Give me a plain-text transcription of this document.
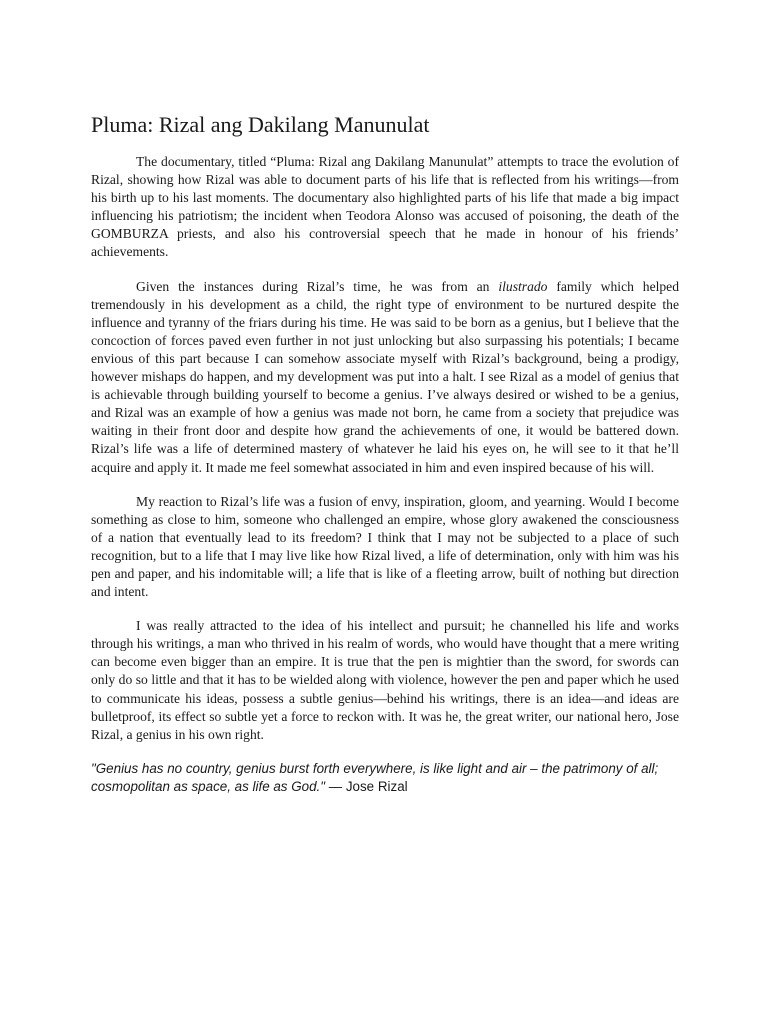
Pluma: Rizal ang Dakilang Manunulat

The documentary, titled “Pluma: Rizal ang Dakilang Manunulat” attempts to trace the evolution of Rizal, showing how Rizal was able to document parts of his life that is reflected from his writings—from his birth up to his last moments. The documentary also highlighted parts of his life that made a big impact influencing his patriotism; the incident when Teodora Alonso was accused of poisoning, the death of the GOMBURZA priests, and also his controversial speech that he made in honour of his friends’ achievements.

Given the instances during Rizal’s time, he was from an ilustrado family which helped tremendously in his development as a child, the right type of environment to be nurtured despite the influence and tyranny of the friars during his time. He was said to be born as a genius, but I believe that the concoction of forces paved even further in not just unlocking but also surpassing his potentials; I became envious of this part because I can somehow associate myself with Rizal’s background, being a prodigy, however mishaps do happen, and my development was put into a halt. I see Rizal as a model of genius that is achievable through building yourself to become a genius. I’ve always desired or wished to be a genius, and Rizal was an example of how a genius was made not born, he came from a society that prejudice was waiting in their front door and despite how grand the achievements of one, it would be battered down. Rizal’s life was a life of determined mastery of whatever he laid his eyes on, he will see to it that he’ll acquire and apply it. It made me feel somewhat associated in him and even inspired because of his will.

My reaction to Rizal’s life was a fusion of envy, inspiration, gloom, and yearning. Would I become something as close to him, someone who challenged an empire, whose glory awakened the consciousness of a nation that eventually lead to its freedom? I think that I may not be subjected to a place of such recognition, but to a life that I may live like how Rizal lived, a life of determination, only with him was his pen and paper, and his indomitable will; a life that is like of a fleeting arrow, built of nothing but direction and intent.

I was really attracted to the idea of his intellect and pursuit; he channelled his life and works through his writings, a man who thrived in his realm of words, who would have thought that a mere writing can become even bigger than an empire. It is true that the pen is mightier than the sword, for swords can only do so little and that it has to be wielded along with violence, however the pen and paper which he used to communicate his ideas, possess a subtle genius—behind his writings, there is an idea—and ideas are bulletproof, its effect so subtle yet a force to reckon with. It was he, the great writer, our national hero, Jose Rizal, a genius in his own right.

"Genius has no country, genius burst forth everywhere, is like light and air – the patrimony of all; cosmopolitan as space, as life as God." — Jose Rizal
